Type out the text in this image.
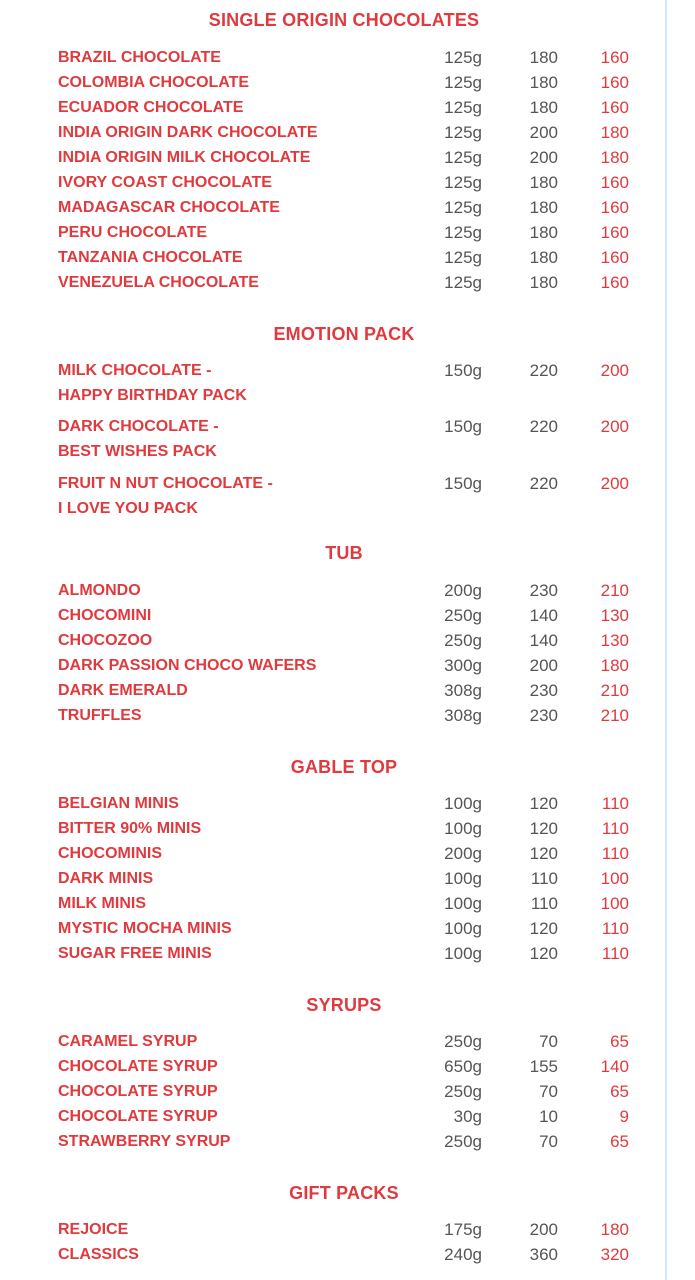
SINGLE ORIGIN CHOCOLATES
BRAZIL CHOCOLATE	125g	180	160
COLOMBIA CHOCOLATE	125g	180	160
ECUADOR CHOCOLATE	125g	180	160
INDIA ORIGIN DARK CHOCOLATE	125g	200	180
INDIA ORIGIN MILK CHOCOLATE	125g	200	180
IVORY COAST CHOCOLATE	125g	180	160
MADAGASCAR CHOCOLATE	125g	180	160
PERU CHOCOLATE	125g	180	160
TANZANIA CHOCOLATE	125g	180	160
VENEZUELA CHOCOLATE	125g	180	160
EMOTION PACK
MILK CHOCOLATE -
HAPPY BIRTHDAY PACK
150g	220	200
DARK CHOCOLATE -
BEST WISHES PACK
150g	220	200
FRUIT N NUT CHOCOLATE -
I LOVE YOU PACK
150g	220	200
TUB
ALMONDO	200g	230	210
CHOCOMINI	250g	140	130
CHOCOZOO	250g	140	130
DARK PASSION CHOCO WAFERS	300g	200	180
DARK EMERALD	308g	230	210
TRUFFLES	308g	230	210
GABLE TOP
BELGIAN MINIS	100g	120	110
BITTER 90% MINIS	100g	120	110
CHOCOMINIS	200g	120	110
DARK MINIS	100g	110	100
MILK MINIS	100g	110	100
MYSTIC MOCHA MINIS	100g	120	110
SUGAR FREE MINIS	100g	120	110
SYRUPS
CARAMEL SYRUP	250g	70	65
CHOCOLATE SYRUP	650g	155	140
CHOCOLATE SYRUP	250g	70	65
CHOCOLATE SYRUP	30g	10	9
STRAWBERRY SYRUP	250g	70	65
GIFT PACKS
REJOICE	175g	200	180
CLASSICS	240g	360	320
